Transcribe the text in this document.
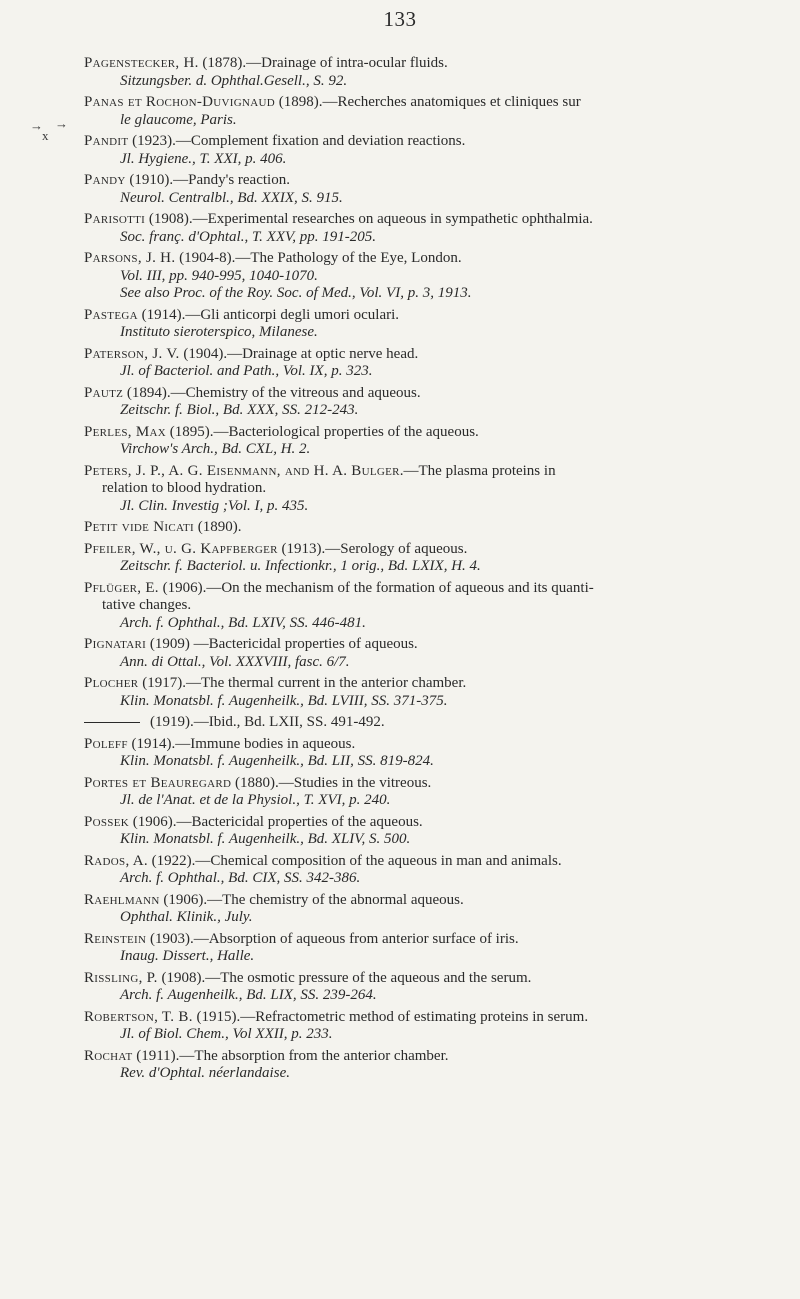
133
→
x
→
Pagenstecker, H. (1878).—Drainage of intra-ocular fluids.
Sitzungsber. d. Ophthal.Gesell., S. 92.
Panas et Rochon-Duvignaud (1898).—Recherches anatomiques et cliniques sur
le glaucome, Paris.
Pandit (1923).—Complement fixation and deviation reactions.
Jl. Hygiene., T. XXI, p. 406.
Pandy (1910).—Pandy's reaction.
Neurol. Centralbl., Bd. XXIX, S. 915.
Parisotti (1908).—Experimental researches on aqueous in sympathetic ophthalmia.
Soc. franç. d'Ophtal., T. XXV, pp. 191-205.
Parsons, J. H. (1904-8).—The Pathology of the Eye, London.
Vol. III, pp. 940-995, 1040-1070.
See also Proc. of the Roy. Soc. of Med., Vol. VI, p. 3, 1913.
Pastega (1914).—Gli anticorpi degli umori oculari.
Instituto sieroterspico, Milanese.
Paterson, J. V. (1904).—Drainage at optic nerve head.
Jl. of Bacteriol. and Path., Vol. IX, p. 323.
Pautz (1894).—Chemistry of the vitreous and aqueous.
Zeitschr. f. Biol., Bd. XXX, SS. 212-243.
Perles, Max (1895).—Bacteriological properties of the aqueous.
Virchow's Arch., Bd. CXL, H. 2.
Peters, J. P., A. G. Eisenmann, and H. A. Bulger.—The plasma proteins in
relation to blood hydration.
Jl. Clin. Investig ;Vol. I, p. 435.
Petit vide Nicati (1890).
Pfeiler, W., u. G. Kapfberger (1913).—Serology of aqueous.
Zeitschr. f. Bacteriol. u. Infectionkr., 1 orig., Bd. LXIX, H. 4.
Pflüger, E. (1906).—On the mechanism of the formation of aqueous and its quanti-
tative changes.
Arch. f. Ophthal., Bd. LXIV, SS. 446-481.
Pignatari (1909) —Bactericidal properties of aqueous.
Ann. di Ottal., Vol. XXXVIII, fasc. 6/7.
Plocher (1917).—The thermal current in the anterior chamber.
Klin. Monatsbl. f. Augenheilk., Bd. LVIII, SS. 371-375.
(1919).—Ibid., Bd. LXII, SS. 491-492.
Poleff (1914).—Immune bodies in aqueous.
Klin. Monatsbl. f. Augenheilk., Bd. LII, SS. 819-824.
Portes et Beauregard (1880).—Studies in the vitreous.
Jl. de l'Anat. et de la Physiol., T. XVI, p. 240.
Possek (1906).—Bactericidal properties of the aqueous.
Klin. Monatsbl. f. Augenheilk., Bd. XLIV, S. 500.
Rados, A. (1922).—Chemical composition of the aqueous in man and animals.
Arch. f. Ophthal., Bd. CIX, SS. 342-386.
Raehlmann (1906).—The chemistry of the abnormal aqueous.
Ophthal. Klinik., July.
Reinstein (1903).—Absorption of aqueous from anterior surface of iris.
Inaug. Dissert., Halle.
Rissling, P. (1908).—The osmotic pressure of the aqueous and the serum.
Arch. f. Augenheilk., Bd. LIX, SS. 239-264.
Robertson, T. B. (1915).—Refractometric method of estimating proteins in serum.
Jl. of Biol. Chem., Vol XXII, p. 233.
Rochat (1911).—The absorption from the anterior chamber.
Rev. d'Ophtal. néerlandaise.
